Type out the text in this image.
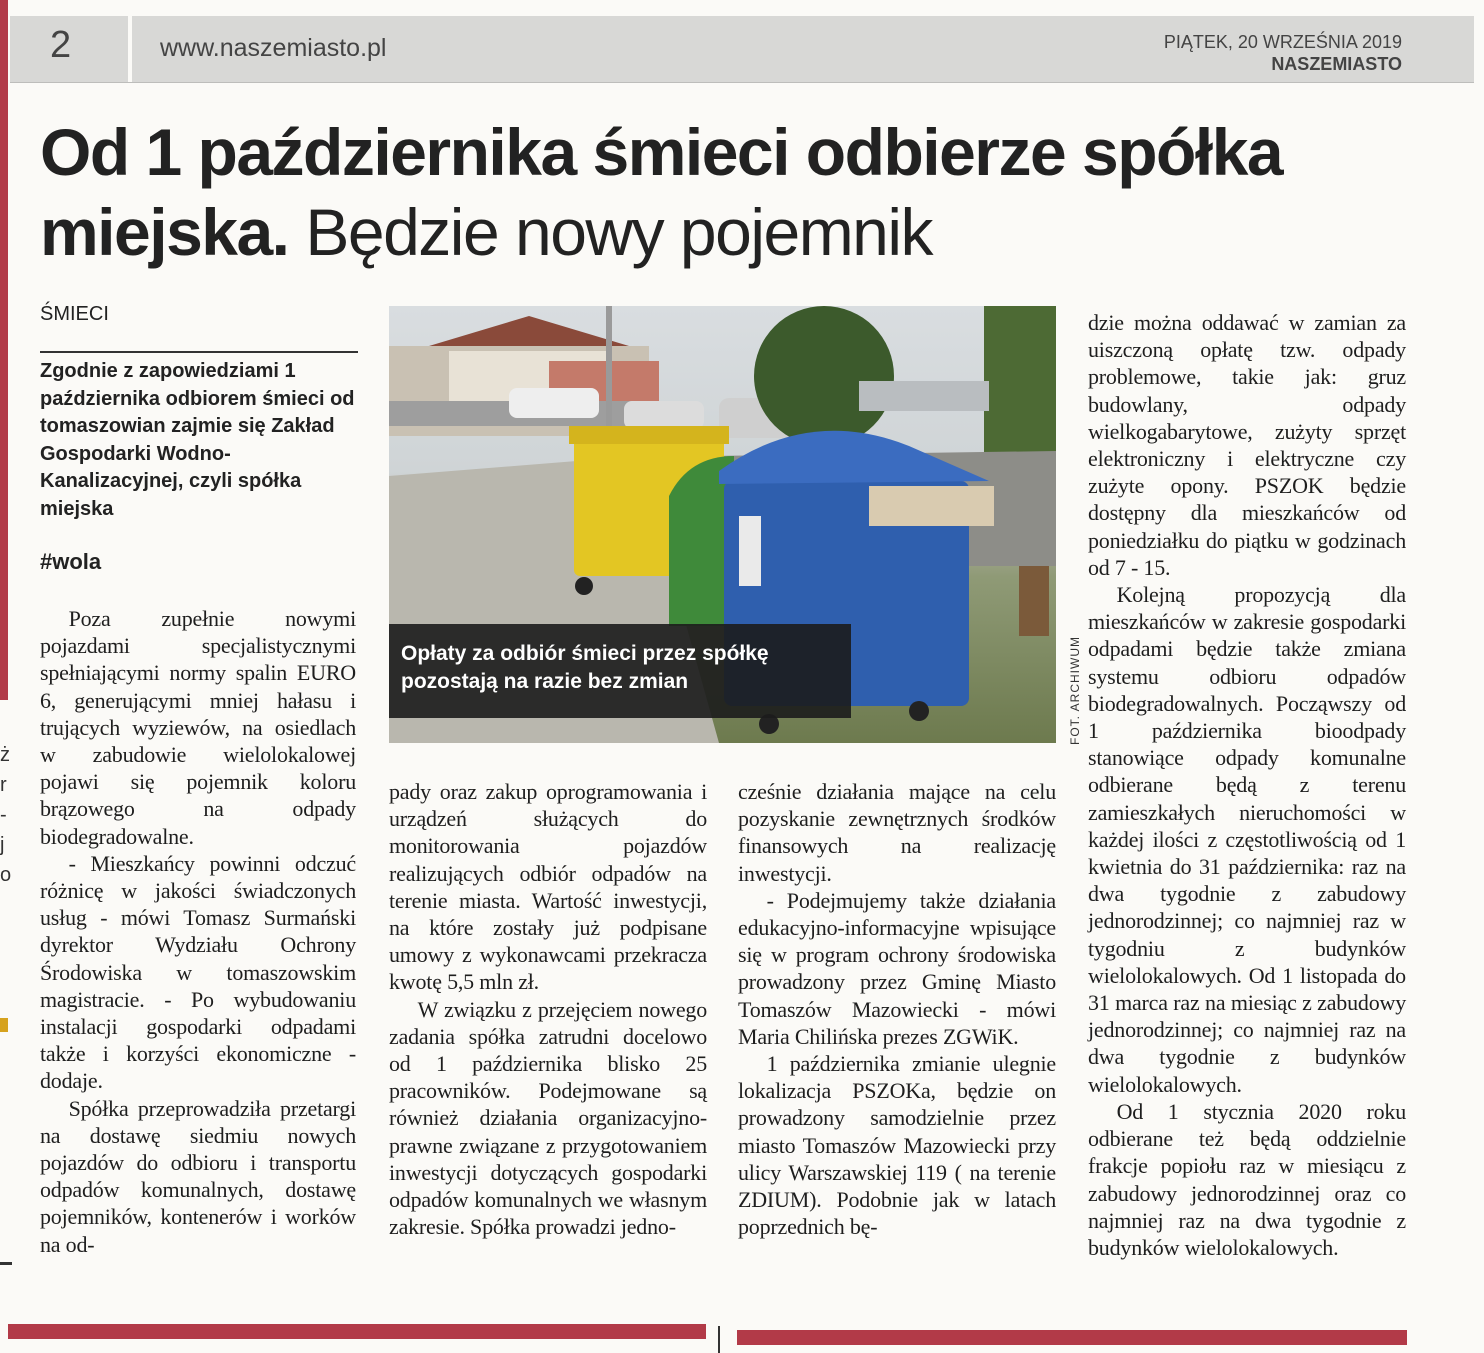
ż
r
-
j
o
2	www.naszemiasto.pl	PIĄTEK, 20 WRZEŚNIA 2019
NASZEMIASTO
Od 1 października śmieci odbierze spółka miejska. Będzie nowy pojemnik
ŚMIECI
Zgodnie z zapowiedziami 1 października odbiorem śmieci od tomaszowian zajmie się Zakład Gospodarki Wodno-Kanalizacyjnej, czyli spółka miejska
#wola

Poza zupełnie nowymi pojazdami specjalistycznymi spełniającymi normy spalin EURO 6, generującymi mniej hałasu i trujących wyziewów, na osiedlach w zabudowie wielolokalowej pojawi się pojemnik koloru brązowego na odpady biodegradowalne.

- Mieszkańcy powinni odczuć różnicę w jakości świadczonych usług - mówi Tomasz Surmański dyrektor Wydziału Ochrony Środowiska w tomaszowskim magistracie. - Po wybudowaniu instalacji gospodarki odpadami także i korzyści ekonomiczne - dodaje.

Spółka przeprowadziła przetargi na dostawę siedmiu nowych pojazdów do odbioru i transportu odpadów komunalnych, dostawę pojemników, kontenerów i worków na od-

Opłaty za odbiór śmieci przez spółkę pozostają na razie bez zmian	FOT. ARCHIWUM

pady oraz zakup oprogramowania i urządzeń służących do monitorowania pojazdów realizujących odbiór odpadów na terenie miasta. Wartość inwestycji, na które zostały już podpisane umowy z wykonawcami przekracza kwotę 5,5 mln zł.

W związku z przejęciem nowego zadania spółka zatrudni docelowo od 1 października blisko 25 pracowników. Podejmowane są również działania organizacyjno-prawne związane z przygotowaniem inwestycji dotyczących gospodarki odpadów komunalnych we własnym zakresie. Spółka prowadzi jedno-

cześnie działania mające na celu pozyskanie zewnętrznych środków finansowych na realizację inwestycji.

- Podejmujemy także działania edukacyjno-informacyjne wpisujące się w program ochrony środowiska prowadzony przez Gminę Miasto Tomaszów Mazowiecki - mówi Maria Chilińska prezes ZGWiK.

1 października zmianie ulegnie lokalizacja PSZOKa, będzie on prowadzony samodzielnie przez miasto Tomaszów Mazowiecki przy ulicy Warszawskiej 119 ( na terenie ZDIUM). Podobnie jak w latach poprzednich bę-

dzie można oddawać w zamian za uiszczoną opłatę tzw. odpady problemowe, takie jak: gruz budowlany, odpady wielkogabarytowe, zużyty sprzęt elektroniczny i elektryczne czy zużyte opony. PSZOK będzie dostępny dla mieszkańców od poniedziałku do piątku w godzinach od 7 - 15.

Kolejną propozycją dla mieszkańców w zakresie gospodarki odpadami będzie także zmiana systemu odbioru odpadów biodegradowalnych. Począwszy od 1 października bioodpady stanowiące odpady komunalne odbierane będą z terenu zamieszkałych nieruchomości w każdej ilości z częstotliwością od 1 kwietnia do 31 października: raz na dwa tygodnie z zabudowy jednorodzinnej; co najmniej raz w tygodniu z budynków wielolokalowych. Od 1 listopada do 31 marca raz na miesiąc z zabudowy jednorodzinnej; co najmniej raz na dwa tygodnie z budynków wielolokalowych.

Od 1 stycznia 2020 roku odbierane też będą oddzielnie frakcje popiołu raz w miesiącu z zabudowy jednorodzinnej oraz co najmniej raz na dwa tygodnie z budynków wielolokalowych.
